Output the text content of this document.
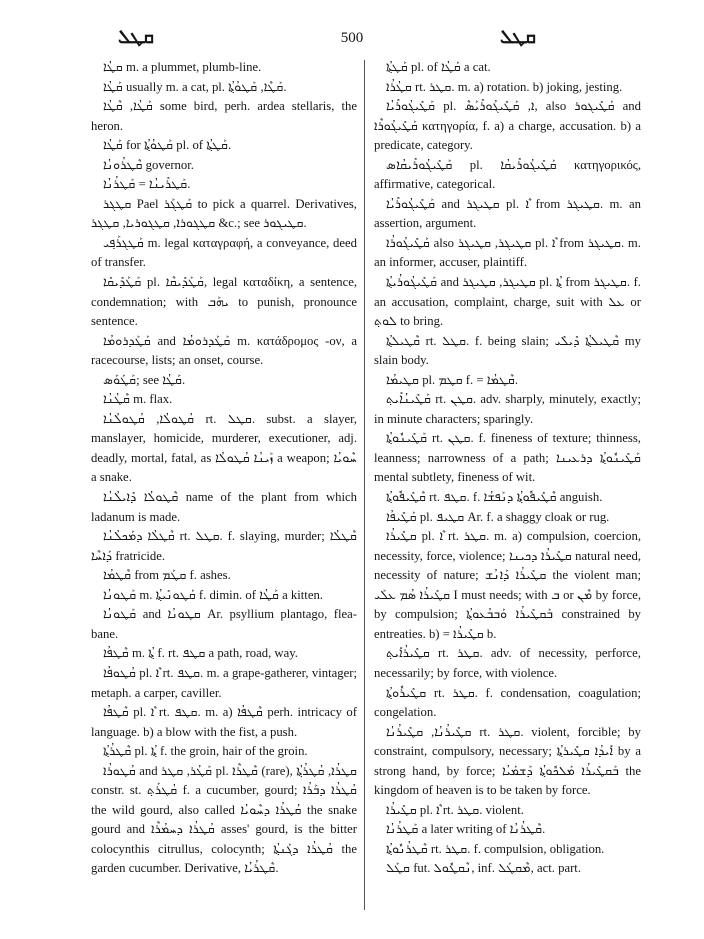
ܩܛܠ	500	ܩܛܠ

ܩܛܳܐ m. a plummet, plumb-line.

ܩܰܛܳܐ usually m. a cat, pl. ܩܰܛܶܐ, ܩܰܛܘܳܬ݂ܳܐ.

ܩܰܛܳܐ, ܩܶܛܳܐ some bird, perh. ardea stellaris, the heron.

ܩܰܛܳܐ for ܩܰܛܘܳܬ݂ܳܐ pl. of ܩܰܛܬ݂ܳܐ.

ܩܶܛܪܳܘܢܳܐ governor.

ܩܰܛܪܺܝܢܳܐ = ܩܰܛܪܳܢܳܐ.

ܩܛܓܪ Pael ܩܰܛܓܰܪ to pick a quarrel. Derivatives, ܩܛܓܘܪܐ, ܩܛܓܘܪܝܐ, ܩܛܓܪ &c.; see ܩܛܝܓܘܪ.

ܩܰܛܓܪܰܦ݂ܝ m. legal καταγραφή, a conveyance, deed of transfer.

ܩܰܛܰܕܺܝܩܺܐ pl. ܩܰܛܰܕܺܝܩܶܐ, legal καταδίκη, a sentence, condemnation; with ܝܗܰܒ to punish, pronounce sentence.

ܩܰܛܰܕܪܘܡܳܐ and ܩܰܛܰܕܪܘܡܳܐ m. κατάδρομος -ον, a racecourse, lists; an onset, course.

ܩܰܛܰܘܰܣ; see ܩܰܛܳܐ.

ܩܶܛܳܢܳܐ m. flax.

ܩܳܛܘܠܳܐ, ܩܳܛܘܠܳܢܳܐ rt. ܩܛܠ. subst. a slayer, manslayer, homicide, murderer, executioner, adj. deadly, mortal, fatal, as ܙܰܝܢܳܐ ܩܳܛܘܠܳܐ a weapon; ܚܶܘܝܳܐ a snake.

ܩܶܛܘܠܳܐ ܕܺܐܝܠܳܢܳܐ name of the plant from which ladanum is made.

ܩܶܛܠܳܐ ܕܡܰܟܠܳܢܳܐ rt. ܩܛܠ. f. slaying, murder; ܩܶܛܠܳܐ ܕܰܐܚܶܐ fratricide.

ܩܶܛܡܳܐ from ܩܛܰܡ f. ashes.

ܩܰܛܘܢܳܐ m. ܩܰܛܘܢܺܝܬ݂ܳܐ f. dimin. of ܩܰܛܳܐ a kitten.

ܩܰܛܘܢܳܐ and ܩܛܘܢܳܐ Ar. psyllium plantago, flea-bane.

ܩܶܛܦܳܐ m. ܬ݂ܳܐ f. rt. ܩܛܦ a path, road, way.

ܩܳܛܘܦܳܐ pl. ܶܐ rt. ܩܛܦ. m. a grape-gatherer, vintager; metaph. a carper, caviller.

ܩܶܛܦܳܐ pl. ܶܐ rt. ܩܛܦ. m. a) ܩܶܛܦܳܐ perh. intricacy of language. b) a blow with the fist, a push.

ܩܶܛܪܳܬ݂ܳܐ pl. ܬ݂ܳܐ f. the groin, hair of the groin.

ܩܳܛܘܪܳܐ and ܩܰܛܳܪ, ܩܛܪ pl. ܩܶܛܪܶܐ (rare), ܩܛܪܳܐ, ܩܳܛܪܳܬ݂ܳܐ constr. st. ܩܳܛܪܰܬ݂ f. a cucumber, gourd; ܩܳܛܪܳܐ ܕܒܰܪܳܐ the wild gourd, also called ܩܳܛܪܳܐ ܕܚܶܘܝܳܐ the snake gourd and ܩܳܛܪܳܐ ܕܚܡܳܪܶܐ asses' gourd, is the bitter colocynthis citrullus, colocynth; ܩܳܛܪܳܐ ܕܓܰܢܬ݂ܳܐ the garden cucumber. Derivative, ܩܶܛܪܳܝܳܐ.

ܩܰܛܬ݂ܳܐ pl. of ܩܰܛܳܐ a cat.

ܩܛܳܪܳܐ rt. ܩܛܪ. m. a) rotation. b) joking, jesting.

ܩܰܛܺܝܓܳܘܪܺܝܳܐ pl. ܶܐ, ܩܰܛܺܝܓܳܘܪܺܝܰܣ, also ܩܰܛܺܝܓܘܪ and ܩܰܛܺܝܓܳܘܪܶܐ κατηγορία, f. a) a charge, accusation. b) a predicate, category.

ܩܰܛܺܝܓܳܘܪܺܝܩܳܐܣ pl. ܩܰܛܺܝܓܳܘܪܺܝܩܳܐ κατηγορικός, affirmative, categorical.

ܩܰܛܺܝܓܳܘܪܺܝܳܐ and ܩܛܝܓܪ pl. ܶܐ from ܩܛܝܓܪ. m. an assertion, argument.

ܩܰܛܺܝܓܳܘܪܳܐ also ܩܛܝܓܪ, ܩܛܝܓܪ pl. ܶܐ from ܩܛܝܓܪ. m. an informer, accuser, plaintiff.

ܩܰܛܺܝܓܳܘܪܳܝܬ݂ܳܐ and ܩܛܝܓܪ, ܩܛܝܓܪ pl. ܬ݂ܳܐ from ܩܛܝܓܪ. f. an accusation, complaint, charge, suit with ܥܠ or ܠܘܬ݂ to bring.

ܩܶܛܝܠܬ݂ܳܐ rt. ܩܛܠ. f. being slain; ܩܶܛܝܠܬ݂ܳܐ ܕܺܝܠܺܝ my slain body.

ܩܛܝܡܳܐ pl. ܩܛܡ f. = ܩܶܛܡܳܐ.

ܩܰܛܺܝܢܳܐܺܝܬ݂ rt. ܩܛܢ. adv. sharply, minutely, exactly; in minute characters; sparingly.

ܩܰܛܺܝܢܽܘܬ݂ܳܐ rt. ܩܛܢ. f. fineness of texture; thinness, leanness; narrowness of a path; ܩܰܛܺܝܢܽܘܬ݂ܳܐ ܕܪܥܝܢܐ mental subtlety, fineness of wit.

ܩܶܛܺܝܦܽܘܬ݂ܳܐ rt. ܩܛܦ. f. ܩܶܛܺܝܦܽܘܬ݂ܳܐ ܕܢܰܦܫܳܐ anguish.

ܩܰܛܺܝܦܳܐ pl. ܩܛܝܦ Ar. f. a shaggy cloak or rug.

ܩܛܺܝܪܳܐ pl. ܶܐ rt. ܩܛܪ. m. a) compulsion, coercion, necessity, force, violence; ܩܛܺܝܪܳܐ ܕܟܝܢܐ natural need, necessity of nature; ܩܛܺܝܪܳܐ ܕܰܐܢܳܫ the violent man; ܩܛܺܝܪܳܐ ܣܳܡ ܥܠܰܝ I must needs; with ܒ or ܡܶܢ by force, by compulsion; ܒܰܩܛܺܝܪܳܐ ܘܰܒܒܳܥܘܬ݂ܳܐ constrained by entreaties. b) = ܩܛܺܝܪܳܐ b.

ܩܛܺܝܪܳܐܺܝܬ݂ rt. ܩܛܪ. adv. of necessity, perforce, necessarily; by force, with violence.

ܩܛܺܝܪܽܘܬ݂ܳܐ rt. ܩܛܪ. f. condensation, coagulation; congelation.

ܩܛܺܝܪܳܢܳܐ, ܩܛܺܝܪܳܢܳܐ rt. ܩܛܪ. violent, forcible; by constraint, compulsory, necessary; ܐܺܝܕܳܐ ܩܛܺܝܪܬ݂ܳܐ by a strong hand, by force; ܒܰܩܛܺܝܪܳܐ ܡܰܠܟܽܘܬ݂ܳܐ ܕܰܫܡܰܝܳܐ the kingdom of heaven is to be taken by force.

ܩܛܺܝܪܳܐ pl. ܶܐ rt. ܩܛܪ. violent.

ܩܰܛܪܳܢܳܐ a later writing of ܩܶܛܪܳܢܳܐ.

ܩܶܛܪܳܢܽܘܬ݂ܳܐ rt. ܩܛܪ. f. compulsion, obligation.

ܩܛܰܠ fut. ܢܶܩܛܽܘܠ, inf. ܡܶܩܛܰܠ, act. part.
